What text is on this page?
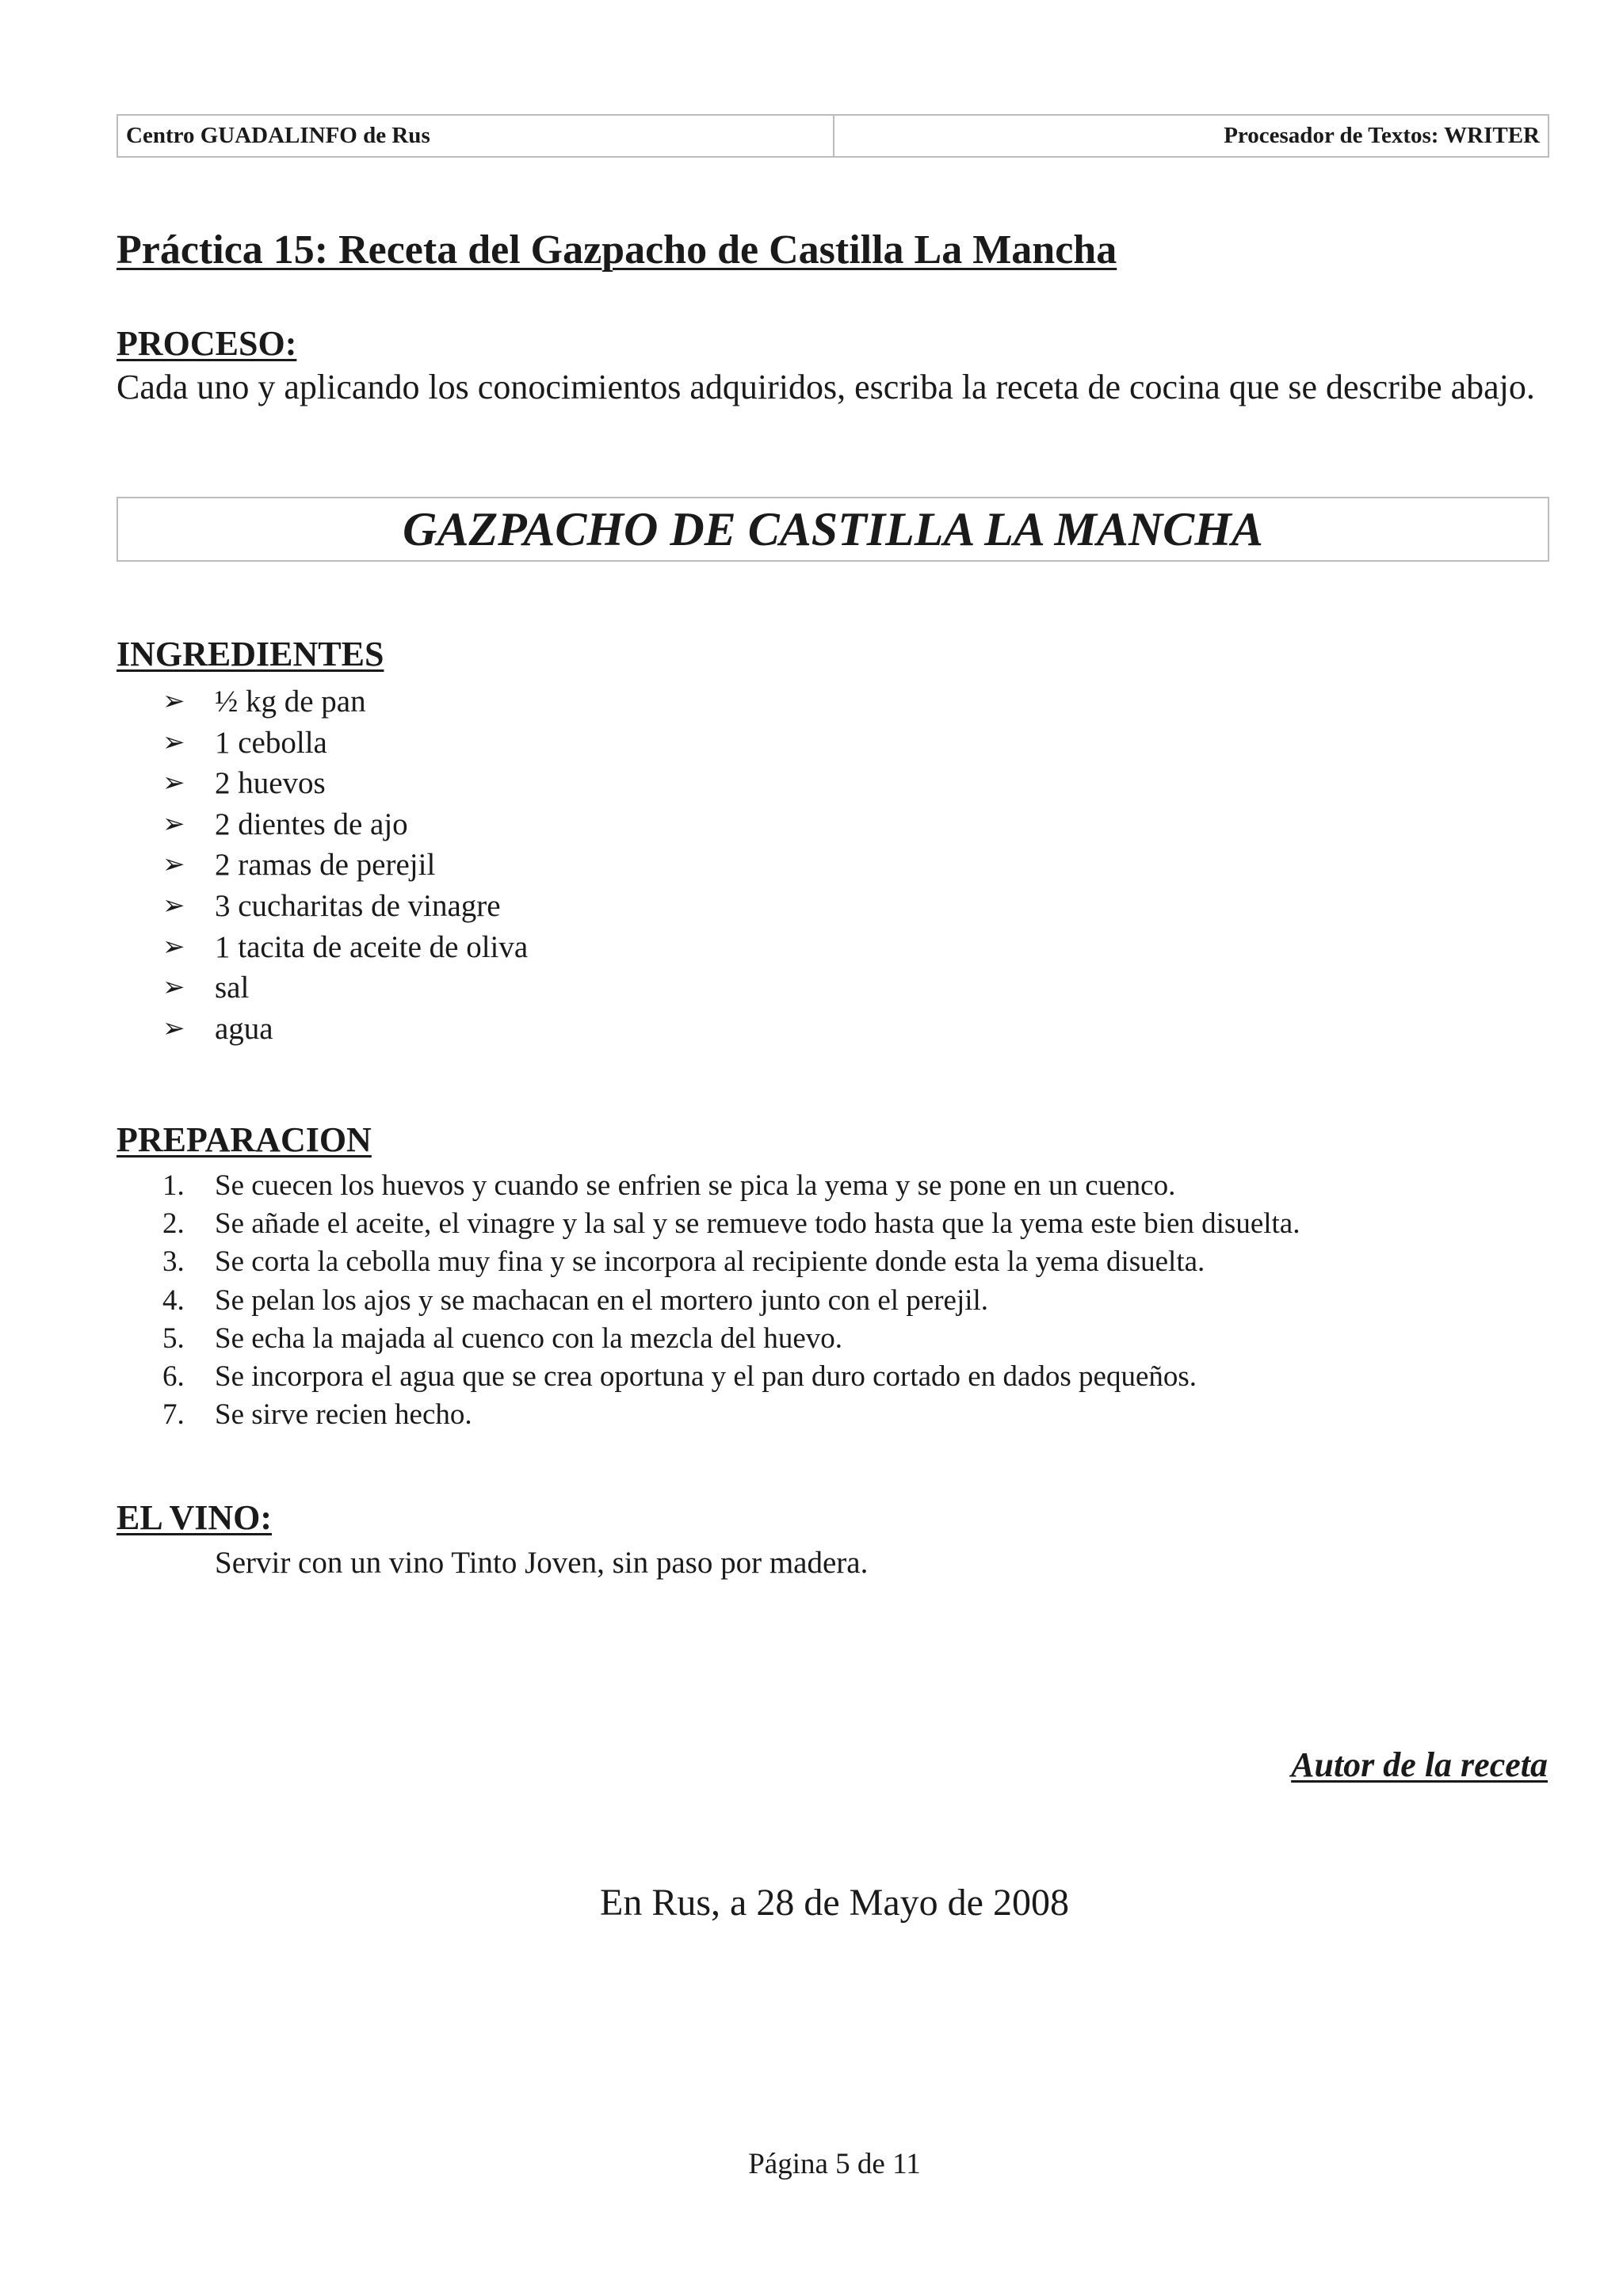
Centro GUADALINFO de Rus	Procesador de Textos: WRITER
Práctica 15: Receta del Gazpacho de Castilla La Mancha
PROCESO:
Cada uno y aplicando los conocimientos adquiridos, escriba la receta de cocina que se describe abajo.
GAZPACHO DE CASTILLA LA MANCHA
INGREDIENTES
➢ ½ kg de pan
➢ 1 cebolla
➢ 2 huevos
➢ 2 dientes de ajo
➢ 2 ramas de perejil
➢ 3 cucharitas de vinagre
➢ 1 tacita de aceite de oliva
➢ sal
➢ agua
PREPARACION
1.	Se cuecen los huevos y cuando se enfrien se pica la yema y se pone en un cuenco.
2.	Se añade el aceite, el vinagre y la sal y se remueve todo hasta que la yema este bien disuelta.
3.	Se corta la cebolla muy fina y se incorpora al recipiente donde esta la yema disuelta.
4.	Se pelan los ajos y se machacan en el mortero junto con el perejil.
5.	Se echa la majada al cuenco con la mezcla del huevo.
6.	Se incorpora el agua que se crea oportuna y el pan duro cortado en dados pequeños.
7.	Se sirve recien hecho.
EL VINO:
Servir con un vino Tinto Joven, sin paso por madera.
Autor de la receta
En Rus, a 28 de Mayo de 2008
Página 5 de 11
